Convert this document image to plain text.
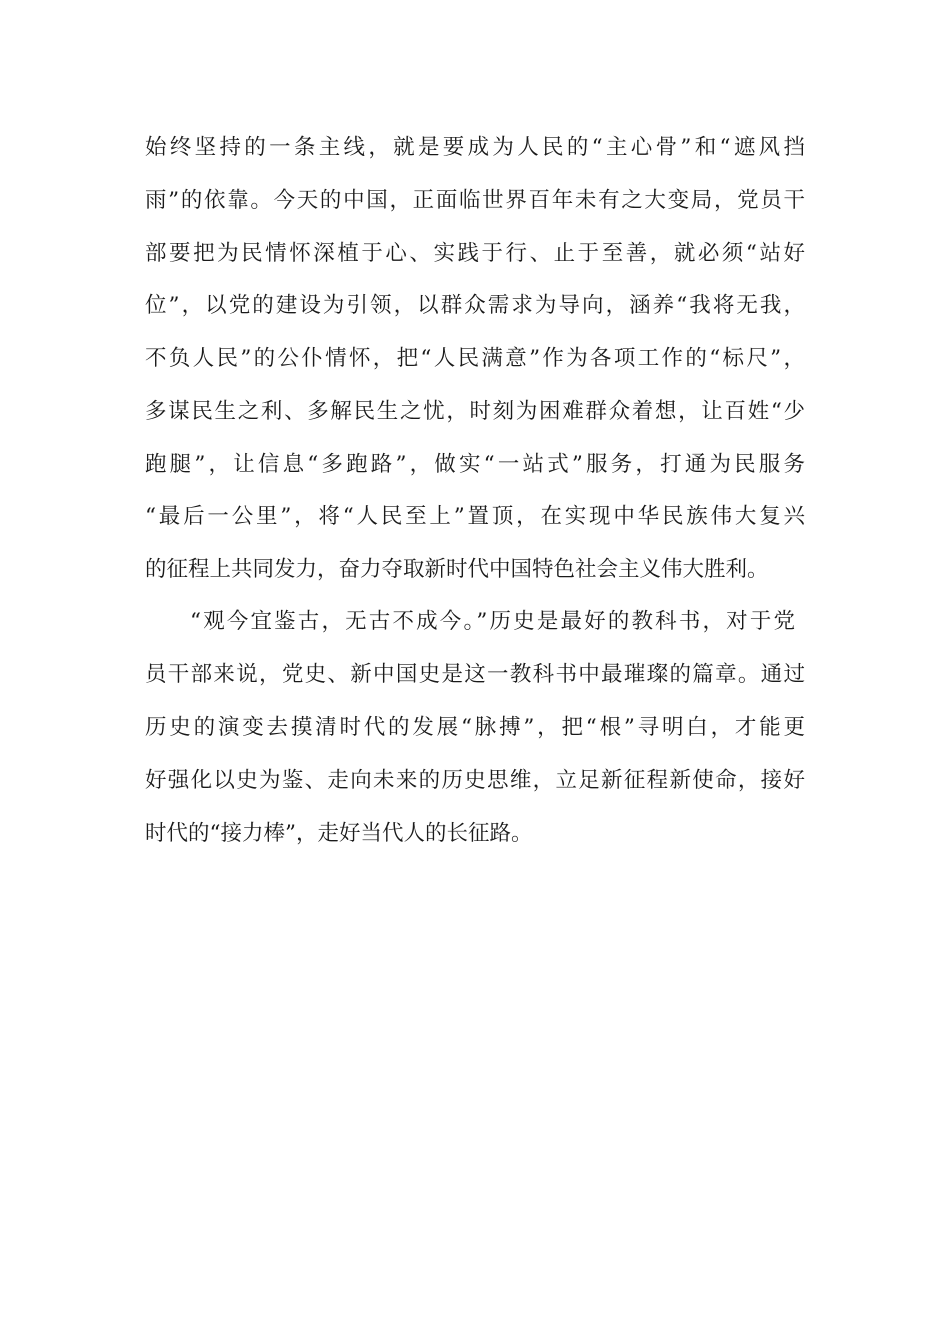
始终坚持的一条主线，就是要成为人民的“主心骨”和“遮风挡
雨”的依靠。今天的中国，正面临世界百年未有之大变局，党员干
部要把为民情怀深植于心、实践于行、止于至善，就必须“站好
位”，以党的建设为引领，以群众需求为导向，涵养“我将无我，
不负人民”的公仆情怀，把“人民满意”作为各项工作的“标尺”，
多谋民生之利、多解民生之忧，时刻为困难群众着想，让百姓“少
跑腿”，让信息“多跑路”，做实“一站式”服务，打通为民服务
“最后一公里”，将“人民至上”置顶，在实现中华民族伟大复兴
的征程上共同发力，奋力夺取新时代中国特色社会主义伟大胜利。
“观今宜鉴古，无古不成今。”历史是最好的教科书，对于党
员干部来说，党史、新中国史是这一教科书中最璀璨的篇章。通过
历史的演变去摸清时代的发展“脉搏”，把“根”寻明白，才能更
好强化以史为鉴、走向未来的历史思维，立足新征程新使命，接好
时代的“接力棒”，走好当代人的长征路。
